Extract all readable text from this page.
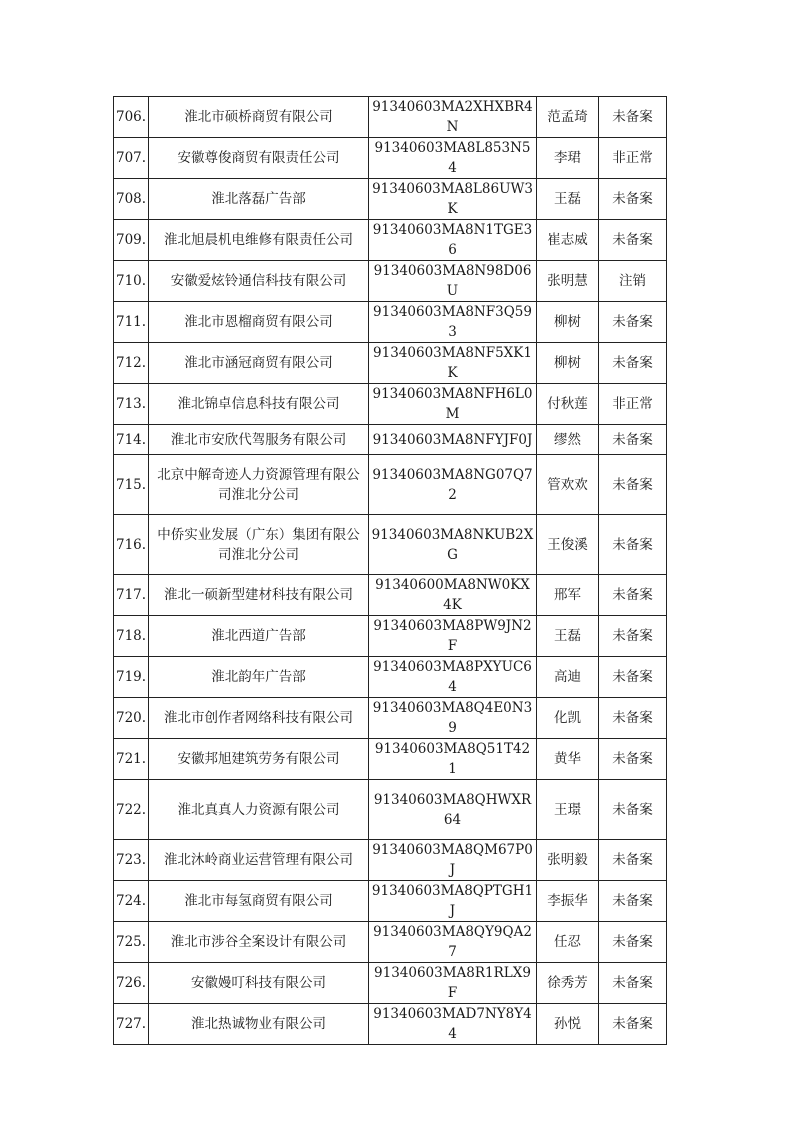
706.	淮北市硕桥商贸有限公司	91340603MA2XHXBR4N	范孟琦	未备案
707.	安徽尊俊商贸有限责任公司	91340603MA8L853N54	李珺	非正常
708.	淮北落磊广告部	91340603MA8L86UW3K	王磊	未备案
709.	淮北旭晨机电维修有限责任公司	91340603MA8N1TGE36	崔志威	未备案
710.	安徽爱炫铃通信科技有限公司	91340603MA8N98D06U	张明慧	注销
711.	淮北市恩榴商贸有限公司	91340603MA8NF3Q593	柳树	未备案
712.	淮北市涵冠商贸有限公司	91340603MA8NF5XK1K	柳树	未备案
713.	淮北锦卓信息科技有限公司	91340603MA8NFH6L0M	付秋莲	非正常
714.	淮北市安欣代驾服务有限公司	91340603MA8NFYJF0J	缪然	未备案
715.	北京中解奇迹人力资源管理有限公司淮北分公司	91340603MA8NG07Q72	管欢欢	未备案
716.	中侨实业发展（广东）集团有限公司淮北分公司	91340603MA8NKUB2XG	王俊溪	未备案
717.	淮北一硕新型建材科技有限公司	91340600MA8NW0KX4K	邢军	未备案
718.	淮北西道广告部	91340603MA8PW9JN2F	王磊	未备案
719.	淮北韵年广告部	91340603MA8PXYUC64	高迪	未备案
720.	淮北市创作者网络科技有限公司	91340603MA8Q4E0N39	化凯	未备案
721.	安徽邦旭建筑劳务有限公司	91340603MA8Q51T421	黄华	未备案
722.	淮北真真人力资源有限公司	91340603MA8QHWXR64	王璟	未备案
723.	淮北沐岭商业运营管理有限公司	91340603MA8QM67P0J	张明毅	未备案
724.	淮北市每氢商贸有限公司	91340603MA8QPTGH1J	李振华	未备案
725.	淮北市涉谷全案设计有限公司	91340603MA8QY9QA27	任忍	未备案
726.	安徽嫚叮科技有限公司	91340603MA8R1RLX9F	徐秀芳	未备案
727.	淮北热诚物业有限公司	91340603MAD7NY8Y44	孙悦	未备案
